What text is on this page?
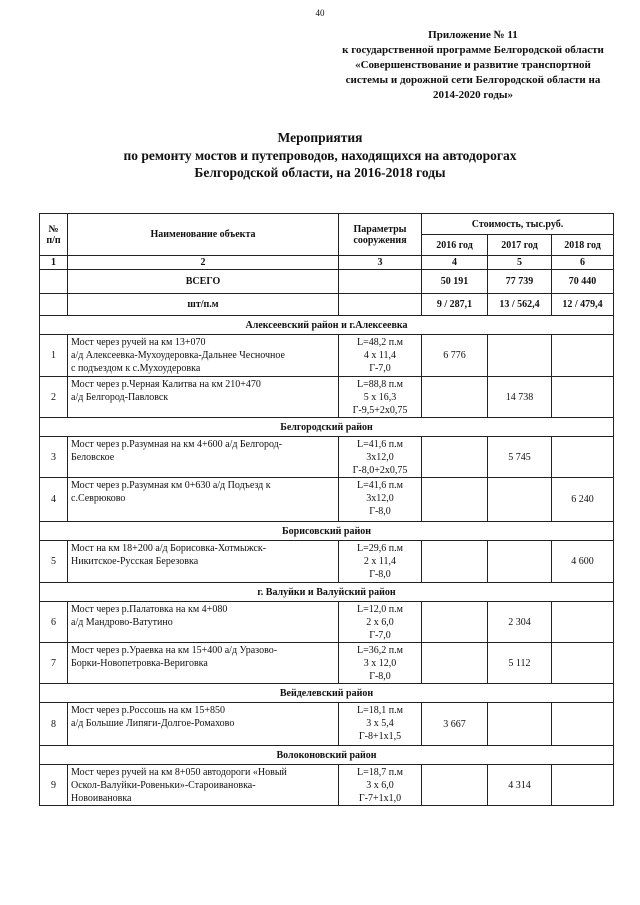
40
Приложение № 11
к государственной программе Белгородской области
«Совершенствование и развитие транспортной
системы и дорожной сети Белгородской области на
2014-2020 годы»
Мероприятия
по ремонту мостов и путепроводов, находящихся на автодорогах
Белгородской области, на 2016-2018 годы
№
п/п	Наименование объекта	Параметры
сооружения	Стоимость, тыс.руб.		
			2016 год	2017 год	2018 год
1	2	3	4	5	6
	ВСЕГО		50 191	77 739	70 440
	шт/п.м		9 / 287,1	13 / 562,4	12 / 479,4
Алексеевский район и г.Алексеевка					
1	Мост через ручей на км 13+070
а/д Алексеевка-Мухоудеровка-Дальнее Чесночное
с подъездом к с.Мухоудеровка	L=48,2 п.м
4 х 11,4
Г-7,0	6 776		
2	Мост через р.Черная Калитва на км 210+470
а/д Белгород-Павловск	L=88,8 п.м
5 х 16,3
Г-9,5+2х0,75		14 738	
Белгородский район					
3	Мост через р.Разумная на км 4+600 а/д Белгород-
Беловское	L=41,6 п.м
3х12,0
Г-8,0+2х0,75		5 745	
4	Мост через р.Разумная км 0+630 а/д Подъезд к
с.Севрюково	L=41,6 п.м
3х12,0
Г-8,0			6 240
Борисовский район					
5	Мост на км 18+200 а/д Борисовка-Хотмыжск-
Никитское-Русская Березовка	L=29,6 п.м
2 х 11,4
Г-8,0			4 600
г. Валуйки и Валуйский район					
6	Мост через р.Палатовка на км 4+080
а/д Мандрово-Ватутино	L=12,0 п.м
2 х 6,0
Г-7,0		2 304	
7	Мост через р.Ураевка на км 15+400 а/д Уразово-
Борки-Новопетровка-Вериговка	L=36,2 п.м
3 х 12,0
Г-8,0		5 112	
Вейделевский район					
8	Мост через р.Россошь на км 15+850
а/д Большие Липяги-Долгое-Ромахово	L=18,1 п.м
3 х 5,4
Г-8+1х1,5	3 667		
Волоконовский район					
9	Мост через ручей на км 8+050 автодороги «Новый
Оскол-Валуйки-Ровеньки»-Староивановка-
Новоивановка	L=18,7 п.м
3 х 6,0
Г-7+1х1,0		4 314	
